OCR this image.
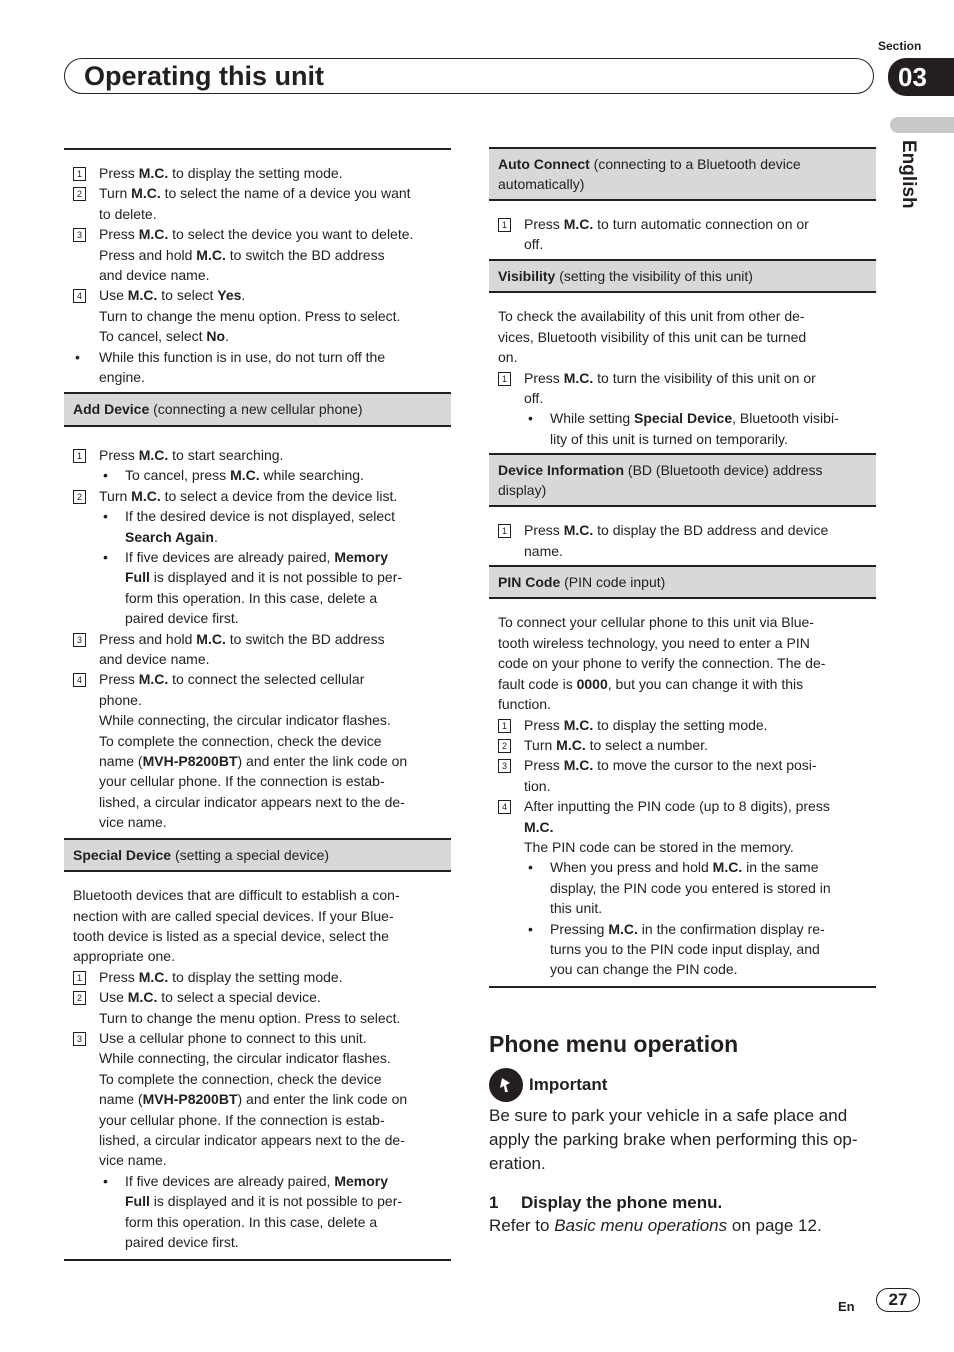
Section
Operating this unit	03
English
1 Press M.C. to display the setting mode.
2 Turn M.C. to select the name of a device you want
to delete.
3 Press M.C. to select the device you want to delete.
Press and hold M.C. to switch the BD address
and device name.
4 Use M.C. to select Yes.
Turn to change the menu option. Press to select.
To cancel, select No.
• While this function is in use, do not turn off the
engine.
Add Device (connecting a new cellular phone)
1 Press M.C. to start searching.
• To cancel, press M.C. while searching.
2 Turn M.C. to select a device from the device list.
• If the desired device is not displayed, select
Search Again.
• If five devices are already paired, Memory
Full is displayed and it is not possible to per-
form this operation. In this case, delete a
paired device first.
3 Press and hold M.C. to switch the BD address
and device name.
4 Press M.C. to connect the selected cellular
phone.
While connecting, the circular indicator flashes.
To complete the connection, check the device
name (MVH-P8200BT) and enter the link code on
your cellular phone. If the connection is estab-
lished, a circular indicator appears next to the de-
vice name.
Special Device (setting a special device)
Bluetooth devices that are difficult to establish a con-
nection with are called special devices. If your Blue-
tooth device is listed as a special device, select the
appropriate one.
1 Press M.C. to display the setting mode.
2 Use M.C. to select a special device.
Turn to change the menu option. Press to select.
3 Use a cellular phone to connect to this unit.
While connecting, the circular indicator flashes.
To complete the connection, check the device
name (MVH-P8200BT) and enter the link code on
your cellular phone. If the connection is estab-
lished, a circular indicator appears next to the de-
vice name.
• If five devices are already paired, Memory
Full is displayed and it is not possible to per-
form this operation. In this case, delete a
paired device first.
Auto Connect (connecting to a Bluetooth device
automatically)
1 Press M.C. to turn automatic connection on or
off.
Visibility (setting the visibility of this unit)
To check the availability of this unit from other de-
vices, Bluetooth visibility of this unit can be turned
on.
1 Press M.C. to turn the visibility of this unit on or
off.
• While setting Special Device, Bluetooth visibi-
lity of this unit is turned on temporarily.
Device Information (BD (Bluetooth device) address
display)
1 Press M.C. to display the BD address and device
name.
PIN Code (PIN code input)
To connect your cellular phone to this unit via Blue-
tooth wireless technology, you need to enter a PIN
code on your phone to verify the connection. The de-
fault code is 0000, but you can change it with this
function.
1 Press M.C. to display the setting mode.
2 Turn M.C. to select a number.
3 Press M.C. to move the cursor to the next posi-
tion.
4 After inputting the PIN code (up to 8 digits), press
M.C.
The PIN code can be stored in the memory.
• When you press and hold M.C. in the same
display, the PIN code you entered is stored in
this unit.
• Pressing M.C. in the confirmation display re-
turns you to the PIN code input display, and
you can change the PIN code.
Phone menu operation
Important
Be sure to park your vehicle in a safe place and
apply the parking brake when performing this op-
eration.
1 Display the phone menu.
Refer to Basic menu operations on page 12.
En	27
